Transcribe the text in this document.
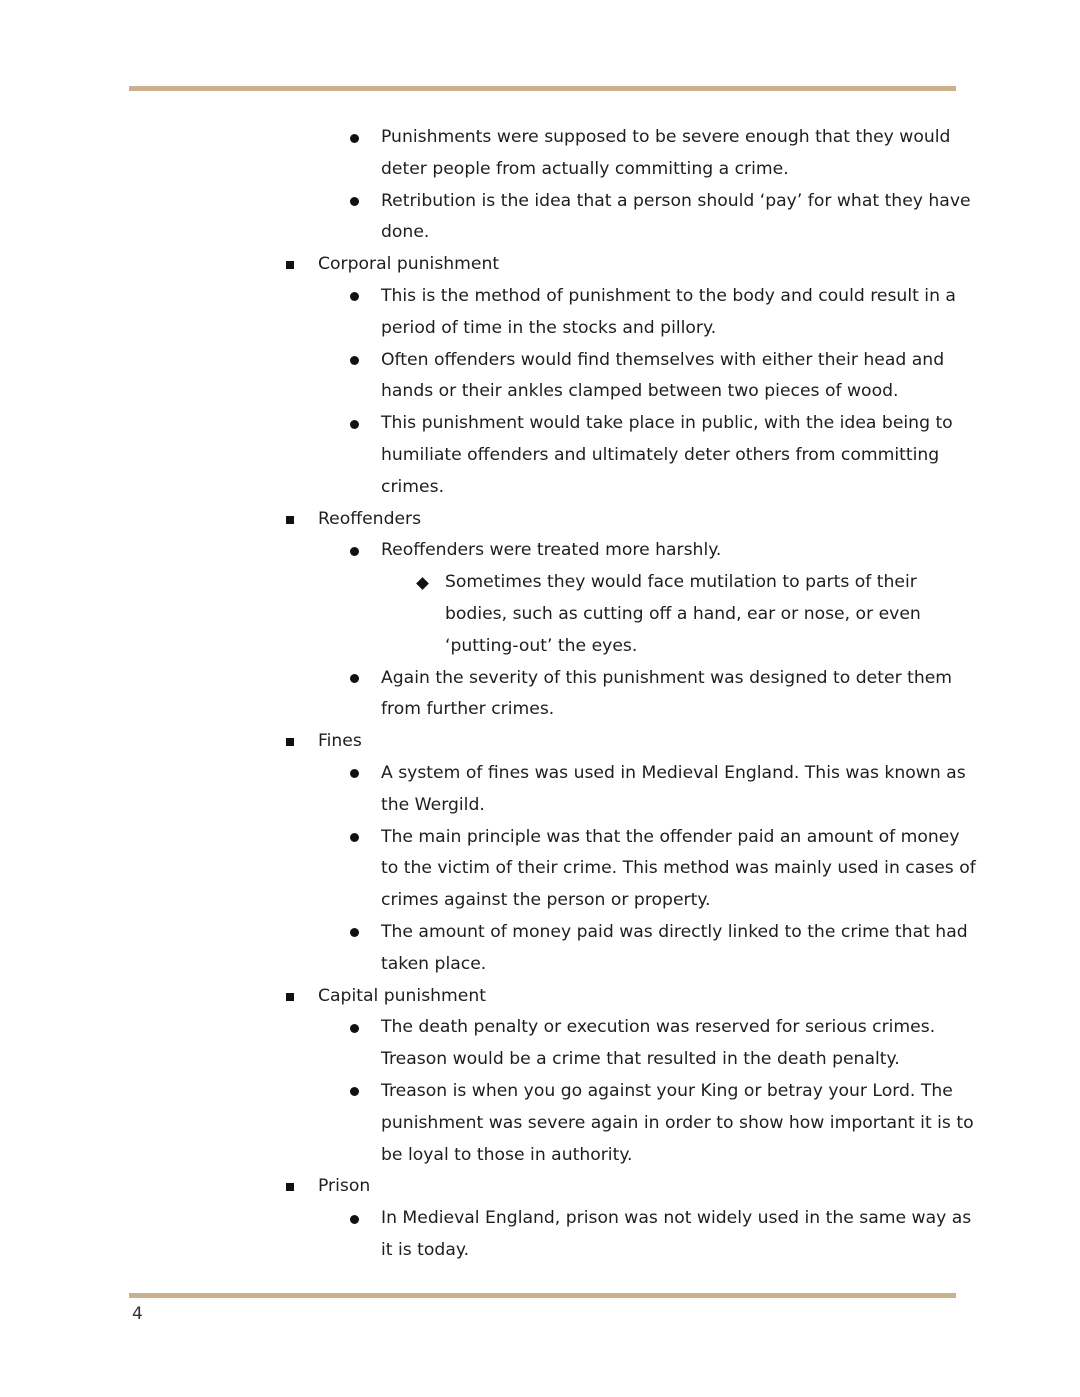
Punishments were supposed to be severe enough that they would
deter people from actually committing a crime.
Retribution is the idea that a person should ‘pay’ for what they have
done.
Corporal punishment
This is the method of punishment to the body and could result in a
period of time in the stocks and pillory.
Often offenders would find themselves with either their head and
hands or their ankles clamped between two pieces of wood.
This punishment would take place in public, with the idea being to
humiliate offenders and ultimately deter others from committing
crimes.
Reoffenders
Reoffenders were treated more harshly.
Sometimes they would face mutilation to parts of their
bodies, such as cutting off a hand, ear or nose, or even
‘putting-out’ the eyes.
Again the severity of this punishment was designed to deter them
from further crimes.
Fines
A system of fines was used in Medieval England. This was known as
the Wergild.
The main principle was that the offender paid an amount of money
to the victim of their crime. This method was mainly used in cases of
crimes against the person or property.
The amount of money paid was directly linked to the crime that had
taken place.
Capital punishment
The death penalty or execution was reserved for serious crimes.
Treason would be a crime that resulted in the death penalty.
Treason is when you go against your King or betray your Lord. The
punishment was severe again in order to show how important it is to
be loyal to those in authority.
Prison
In Medieval England, prison was not widely used in the same way as
it is today.
4
